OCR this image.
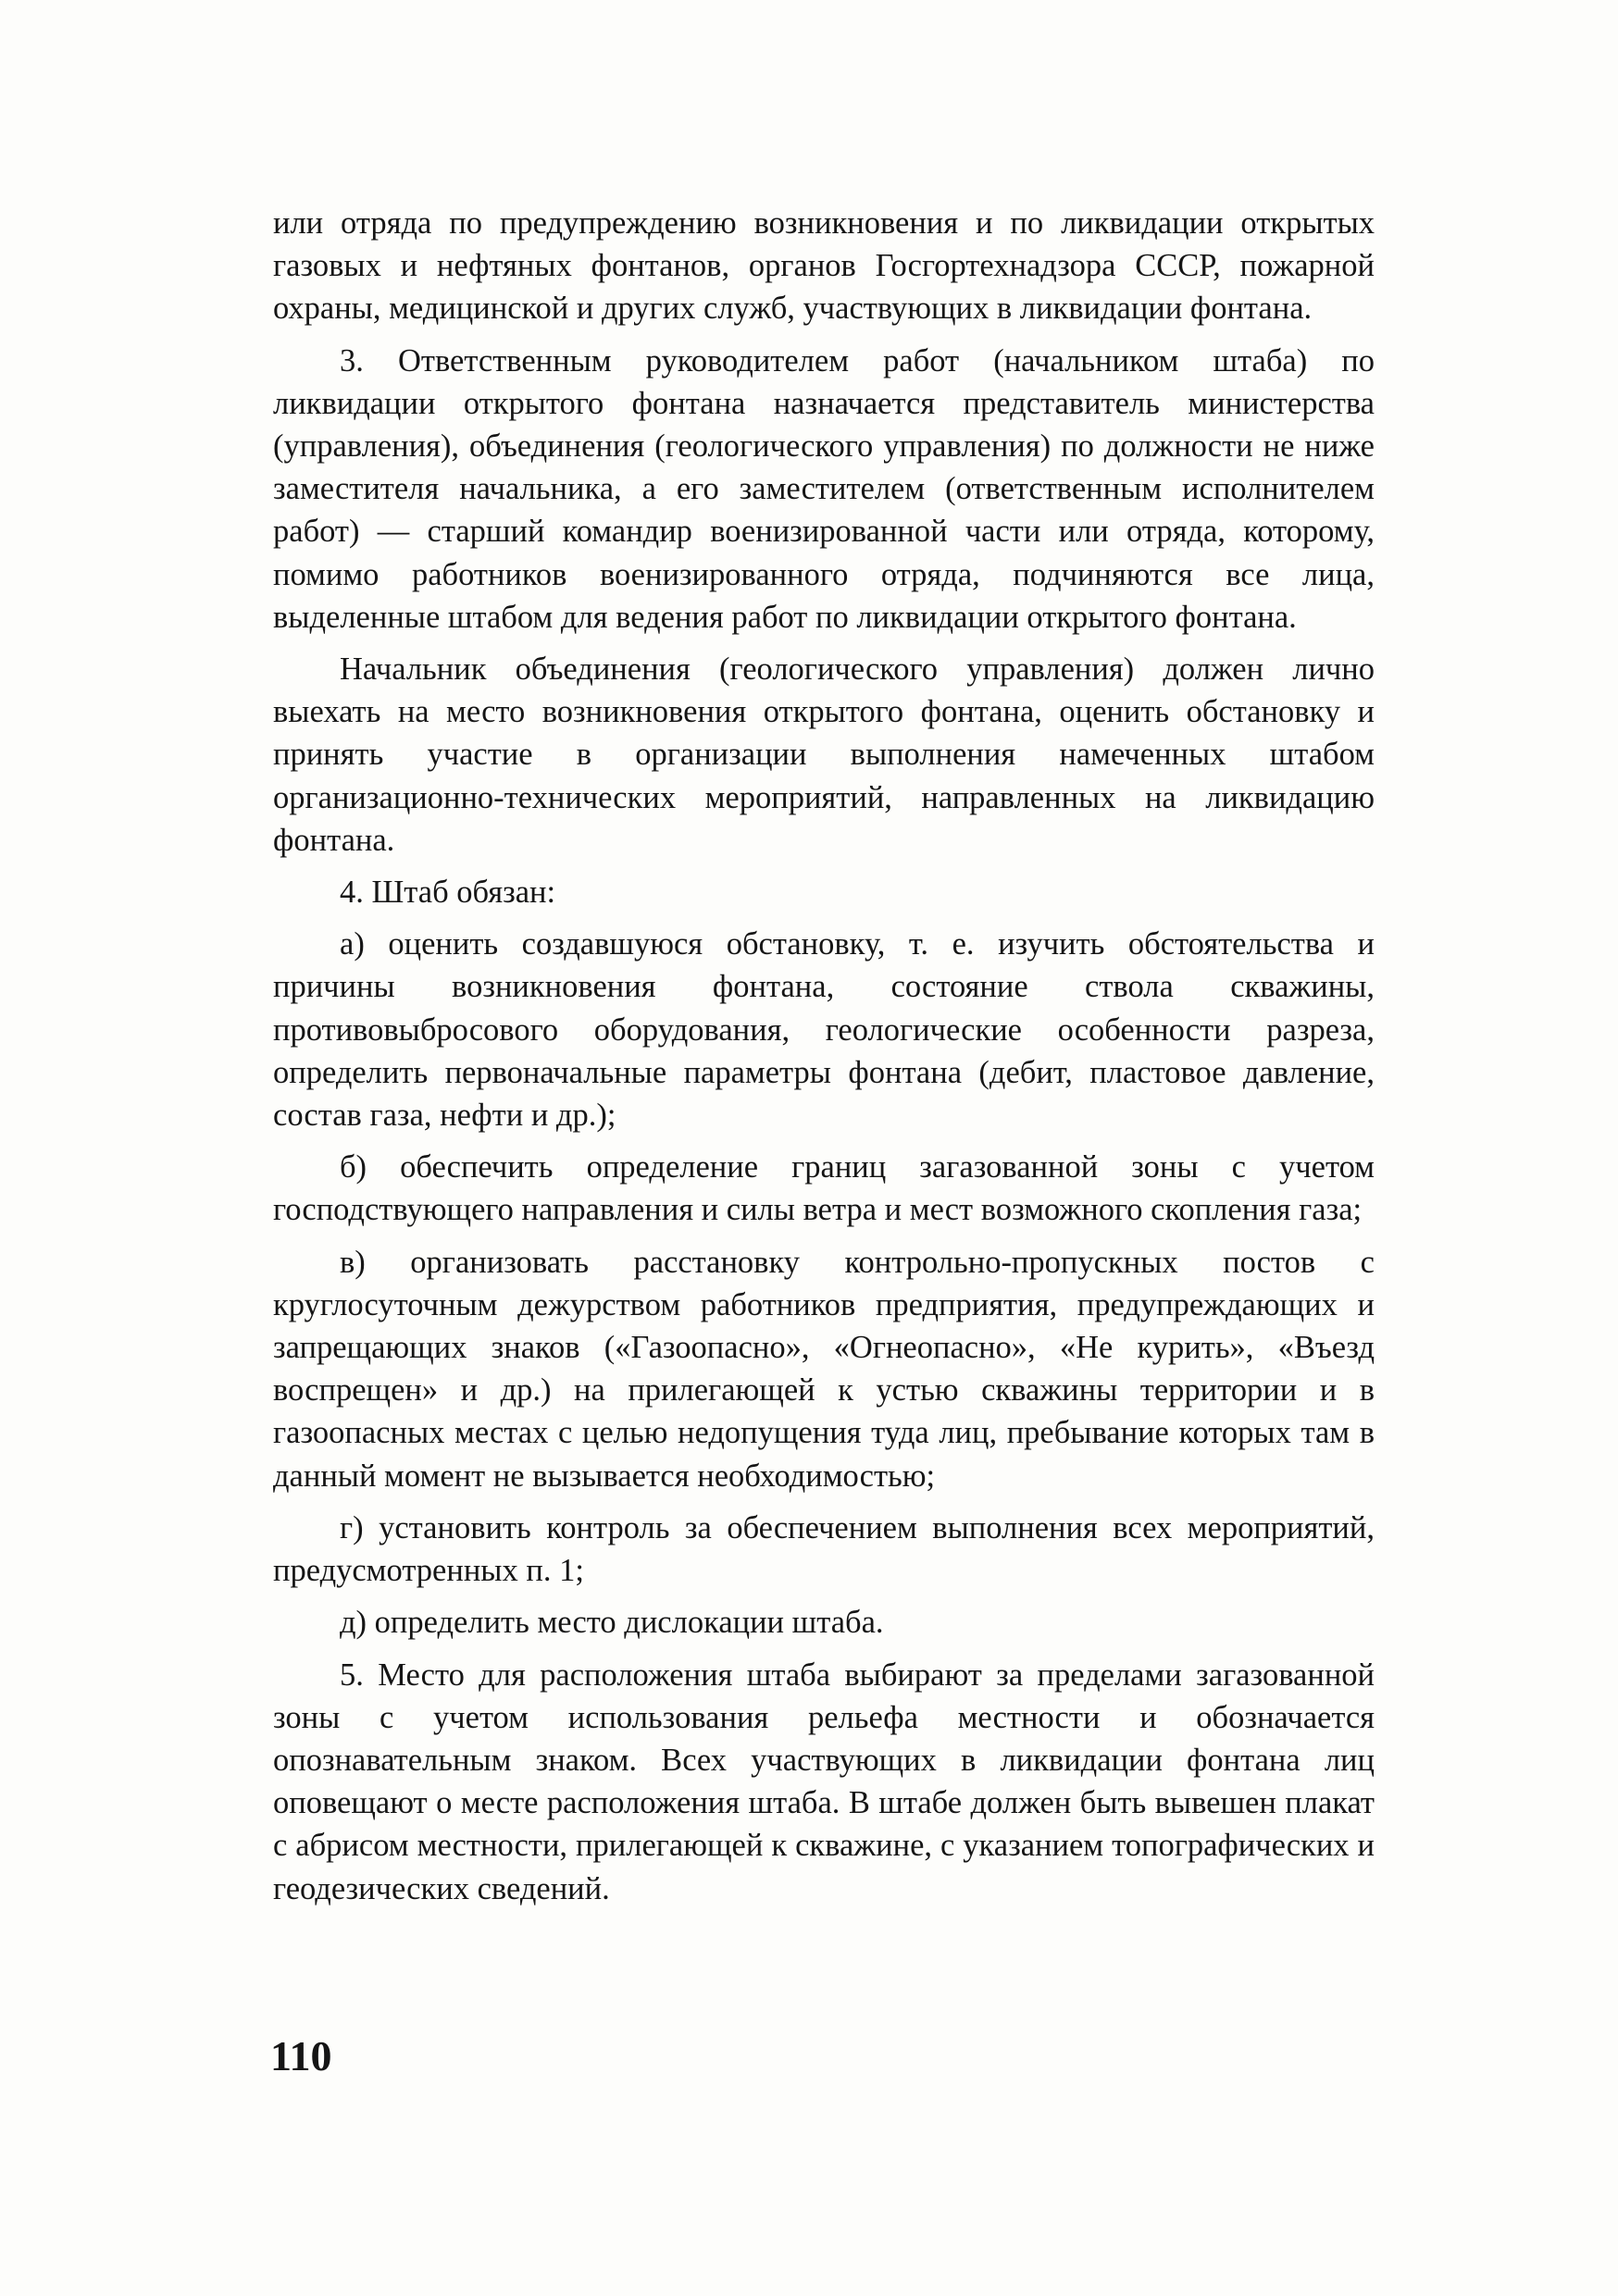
или отряда по предупреждению возникновения и по ликвидации открытых газовых и нефтяных фонтанов, органов Госгортехнадзора СССР, пожарной охраны, медицинской и других служб, участвующих в ликвидации фонтана.

3. Ответственным руководителем работ (начальником штаба) по ликвидации открытого фонтана назначается представитель министерства (управления), объединения (геологического управления) по должности не ниже заместителя начальника, а его заместителем (ответственным исполнителем работ) — старший командир военизированной части или отряда, которому, помимо работников военизированного отряда, подчиняются все лица, выделенные штабом для ведения работ по ликвидации открытого фонтана.

Начальник объединения (геологического управления) должен лично выехать на место возникновения открытого фонтана, оценить обстановку и принять участие в организации выполнения намеченных штабом организационно-технических мероприятий, направленных на ликвидацию фонтана.

4. Штаб обязан:

а) оценить создавшуюся обстановку, т. е. изучить обстоятельства и причины возникновения фонтана, состояние ствола скважины, противовыбросового оборудования, геологические особенности разреза, определить первоначальные параметры фонтана (дебит, пластовое давление, состав газа, нефти и др.);

б) обеспечить определение границ загазованной зоны с учетом господствующего направления и силы ветра и мест возможного скопления газа;

в) организовать расстановку контрольно-пропускных постов с круглосуточным дежурством работников предприятия, предупреждающих и запрещающих знаков («Газоопасно», «Огнеопасно», «Не курить», «Въезд воспрещен» и др.) на прилегающей к устью скважины территории и в газоопасных местах с целью недопущения туда лиц, пребывание которых там в данный момент не вызывается необходимостью;

г) установить контроль за обеспечением выполнения всех мероприятий, предусмотренных п. 1;

д) определить место дислокации штаба.

5. Место для расположения штаба выбирают за пределами загазованной зоны с учетом использования рельефа местности и обозначается опознавательным знаком. Всех участвующих в ликвидации фонтана лиц оповещают о месте расположения штаба. В штабе должен быть вывешен плакат с абрисом местности, прилегающей к скважине, с указанием топографических и геодезических сведений.

110
